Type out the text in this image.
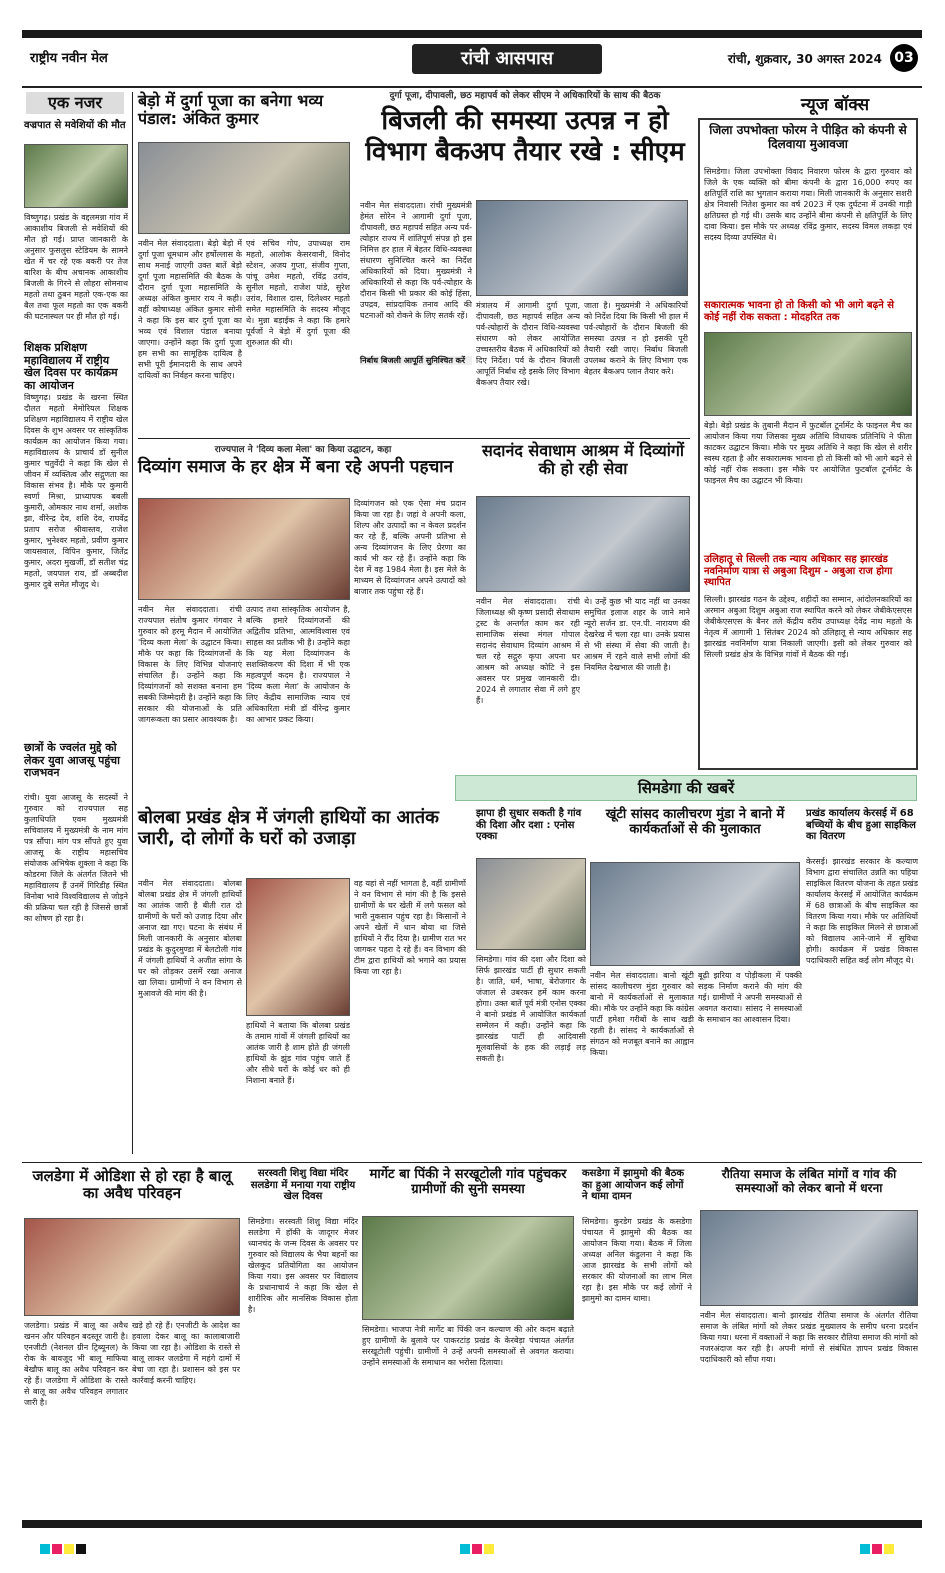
राष्ट्रीय नवीन मेल	रांची आसपास	रांची, शुक्रवार, 30 अगस्त 2024 03
एक नजर
वज्रपात से मवेशियों की मौत
विष्णुगढ़। प्रखंड के वद्दलमन्ना गांव में आकाशीय बिजली से मवेशियों की मौत हो गई। प्राप्त जानकारी के अनुसार फुसलुस स्टेडियम के सामने खेत में चर रहे एक बकरी पर तेज बारिश के बीच अचानक आकाशीय बिजली के गिरने से लोहरा सोमनाथ महतो तथा ठुबन महतो एक-एक का बैल तथा फूल महतो का एक बकरी की घटनास्थल पर ही मौत हो गई।
शिक्षक प्रशिक्षण महाविद्यालय में राष्ट्रीय खेल दिवस पर कार्यक्रम का आयोजन
विष्णुगढ़। प्रखंड के खरना स्थित दौलत महतो मेमोरियल शिक्षक प्रशिक्षण महाविद्यालय में राष्ट्रीय खेल दिवस के शुभ अवसर पर सांस्कृतिक कार्यक्रम का आयोजन किया गया। महाविद्यालय के प्राचार्य डॉ सुनील कुमार चतुर्वेदी ने कहा कि खेल से जीवन में व्यक्तित्व और सद्गुणता का विकास संभव है। मौके पर कुमारी स्वर्णा मिश्रा, प्राध्यापक बबली कुमारी, ओमकार नाथ शर्मा, अशोक झा, वीरेन्द्र देव, शशि देव, राघवेंद्र प्रताप सरोज श्रीवास्तव, राजेश कुमार, भुनेश्वर महतो, प्रवीण कुमार जायसवाल, विपिन कुमार, जितेंद्र कुमार, अदरा मुखर्जी, डॉ सतीश चंद्र महतो, जयपाल राय, डॉ अब्बदीश कुमार दुबे समेत मौजूद थे।
छात्रों के ज्वलंत मुद्दे को लेकर युवा आजसू पहुंचा राजभवन
रांची। युवा आजसू के सदस्यों ने गुरुवार को राज्यपाल सह कुलाधिपति एवम मुख्यमंत्री सचिवालय में मुख्यमंत्री के नाम मांग पत्र सौंपा। मांग पत्र सौंपते हुए युवा आजसू के राष्ट्रीय महासचिव संयोजक अभिषेक शुक्ला ने कहा कि कोडरमा जिले के अंतर्गत जितने भी महाविद्यालय हैं उनमें गिरिडीह स्थित विनोबा भावे विश्वविद्यालय से जोड़ने की प्रक्रिया चल रही है जिससे छात्रों का शोषण हो रहा है।
बेड़ो में दुर्गा पूजा का बनेगा भव्य पंडाल: अंकित कुमार
नवीन मेल संवाददाता। बेड़ो बेड़ो में दुर्गा पूजा धूमधाम और हर्षोल्लास के साथ मनाई जाएगी उक्त बातें बेड़ो दुर्गा पूजा महासमिति की बैठक के दौरान दुर्गा पूजा महासमिति के अध्यक्ष अंकित कुमार राय ने कही। वहीं कोषाध्यक्ष अंकित कुमार सोनी ने कहा कि इस बार दुर्गा पूजा का भव्य एवं विशाल पंडाल बनाया जाएगा। उन्होंने कहा कि दुर्गा पूजा हम सभी का सामूहिक दायित्व है सभी पूरी ईमानदारी के साथ अपने दायित्वों का निर्वहन करना चाहिए।
एवं सचिव गोप, उपाध्यक्ष राम महतो, आलोक केसरवानी, विनोद स्टेशन, अजय गुप्ता, संजीव गुप्ता, पांचू उमेश महतो, रविंद्र उरांव, सुनील महतो, राजेश पांडे, सुरेश उरांव, विशाल दास, दिलेश्वर महतो समेत महासमिति के सदस्य मौजूद थे। मुन्ना बड़ाईक ने कहा कि हमारे पूर्वजों ने बेड़ो में दुर्गा पूजा की शुरुआत की थी।
दुर्गा पूजा, दीपावली, छठ महापर्व को लेकर सीएम ने अधिकारियों के साथ की बैठक
बिजली की समस्या उत्पन्न न हो विभाग बैकअप तैयार रखे : सीएम
नवीन मेल संवाददाता। रांची मुख्यमंत्री हेमंत सोरेन ने आगामी दुर्गा पूजा, दीपावली, छठ महापर्व सहित अन्य पर्व-त्योहार राज्य में शांतिपूर्ण संपन्न हो इस निमित्त हर हाल में बेहतर विधि-व्यवस्था संधारण सुनिश्चित करने का निर्देश अधिकारियों को दिया। मुख्यमंत्री ने अधिकारियों से कहा कि पर्व-त्योहार के दौरान किसी भी प्रकार की कोई हिंसा, उपद्रव, सांप्रदायिक तनाव आदि की घटनाओं को रोकने के लिए सतर्क रहें।
निर्बाध बिजली आपूर्ति सुनिश्चित करें
मंत्रालय में आगामी दुर्गा पूजा, दीपावली, छठ महापर्व सहित अन्य पर्व-त्योहारों के दौरान विधि-व्यवस्था संधारण को लेकर आयोजित उच्चस्तरीय बैठक में अधिकारियों को दिए निर्देश। पर्व के दौरान बिजली आपूर्ति निर्बाध रहे इसके लिए विभाग बैकअप तैयार रखे।
जाता है। मुख्यमंत्री ने अधिकारियों को निर्देश दिया कि किसी भी हाल में पर्व-त्योहारों के दौरान बिजली की समस्या उत्पन्न न हो इसकी पूरी तैयारी रखी जाए। निर्बाध बिजली उपलब्ध कराने के लिए विभाग एक बेहतर बैकअप प्लान तैयार करे।
न्यूज बॉक्स
जिला उपभोक्ता फोरम ने पीड़ित को कंपनी से दिलवाया मुआवजा
सिमडेगा। जिला उपभोक्ता विवाद निवारण फोरम के द्वारा गुरुवार को जिले के एक व्यक्ति को बीमा कंपनी के द्वारा 16,000 रुपए का क्षतिपूर्ति राशि का भुगतान कराया गया। मिली जानकारी के अनुसार सशरी क्षेत्र निवासी नितेश कुमार का वर्ष 2023 में एक दुर्घटना में उनकी गाड़ी क्षतिग्रस्त हो गई थी। उसके बाद उन्होंने बीमा कंपनी से क्षतिपूर्ति के लिए दावा किया। इस मौके पर अध्यक्ष रविंद्र कुमार, सदस्य विमल लकड़ा एवं सदस्य दिव्या उपस्थित थे।
सकारात्मक भावना हो तो किसी को भी आगे बढ़ने से कोई नहीं रोक सकता : मोदहरित तक
बेड़ो। बेड़ो प्रखंड के तुबानी मैदान में फुटबॉल टूर्नामेंट के फाइनल मैच का आयोजन किया गया जिसका मुख्य अतिथि विधायक प्रतिनिधि ने फीता काटकर उद्घाटन किया। मौके पर मुख्य अतिथि ने कहा कि खेल से शरीर स्वस्थ रहता है और सकारात्मक भावना हो तो किसी को भी आगे बढ़ने से कोई नहीं रोक सकता। इस मौके पर आयोजित फुटबॉल टूर्नामेंट के फाइनल मैच का उद्घाटन भी किया।
उलिहातू से सिल्ली तक न्याय अधिकार सह झारखंड नवनिर्माण यात्रा से अबुआ दिशुम - अबुआ राज होगा स्थापित
सिल्ली। झारखंड गठन के उद्देश्य, शहीदों का सम्मान, आंदोलनकारियों का अरमान अबुआ दिशुम अबुआ राज स्थापित करने को लेकर जेबीकेएसएस जेबीकेएसएस के बैनर तले केंद्रीय वरीय उपाध्यक्ष देवेंद्र नाथ महतो के नेतृत्व में आगामी 1 सितंबर 2024 को उलिहातू से न्याय अधिकार सह झारखंड नवनिर्माण यात्रा निकाली जाएगी। इसी को लेकर गुरुवार को सिल्ली प्रखंड क्षेत्र के विभिन्न गांवों में बैठक की गई।
राज्यपाल ने 'दिव्य कला मेला' का किया उद्घाटन, कहा
दिव्यांग समाज के हर क्षेत्र में बना रहे अपनी पहचान
दिव्यांगजन को एक ऐसा मंच प्रदान किया जा रहा है। जहां वे अपनी कला, शिल्प और उत्पादों का न केवल प्रदर्शन कर रहे हैं, बल्कि अपनी प्रतिभा से अन्य दिव्यांगजन के लिए प्रेरणा का कार्य भी कर रहे हैं। उन्होंने कहा कि देश में वह 1984 मेला है। इस मेले के माध्यम से दिव्यांगजन अपने उत्पादों को बाजार तक पहुंचा रहे हैं।
नवीन मेल संवाददाता। रांची राज्यपाल संतोष कुमार गंगवार ने गुरुवार को हरमू मैदान में आयोजित 'दिव्य कला मेला' के उद्घाटन किया। मौके पर कहा कि दिव्यांगजनों के विकास के लिए विभिन्न योजनाएं संचालित हैं। उन्होंने कहा कि दिव्यांगजनों को सशक्त बनाना हम सबकी जिम्मेदारी है। उन्होंने कहा कि सरकार की योजनाओं के प्रति जागरूकता का प्रसार आवश्यक है।
उत्पाद तथा सांस्कृतिक आयोजन है, बल्कि हमारे दिव्यांगजनों की अद्वितीय प्रतिभा, आत्मविश्वास एवं साहस का प्रतीक भी है। उन्होंने कहा कि यह मेला दिव्यांगजन के सशक्तिकरण की दिशा में भी एक महत्वपूर्ण कदम है। राज्यपाल ने 'दिव्य कला मेला' के आयोजन के लिए केंद्रीय सामाजिक न्याय एवं अधिकारिता मंत्री डॉ वीरेन्द्र कुमार का आभार प्रकट किया।
सदानंद सेवाधाम आश्रम में दिव्यांगों की हो रही सेवा
नवीन मेल संवाददाता। रांची जिलाध्यक्ष श्री कृष्ण प्रसादी सेवाधाम ट्रस्ट के अन्तर्गत काम कर रही सामाजिक संस्था मंगल गोपाल सदानंद सेवाधाम दिव्यांग आश्रम में चल रहे सद्गुरु कृपा अपना घर आश्रम को अध्यक्ष कोटि ने इस अवसर पर प्रमुख जानकारी दी। 2024 से लगातार सेवा में लगे हुए हैं।
थे। उन्हें कुछ भी याद नहीं था उनका समुचित इलाज शहर के जाने माने न्यूरो सर्जन डा. एन.पी. नारायण की देखरेख में चला रहा था। उनके प्रयास से भी संस्था में सेवा की जाती है। आश्रम में रहने वाले सभी लोगों की नियमित देखभाल की जाती है।
सिमडेगा की खबरें
बोलबा प्रखंड क्षेत्र में जंगली हाथियों का आतंक जारी, दो लोगों के घरों को उजाड़ा
नवीन मेल संवाददाता। बोलबा बोलबा प्रखंड क्षेत्र में जंगली हाथियों का आतंक जारी है बीती रात दो ग्रामीणों के घरों को उजाड़ दिया और अनाज खा गए। घटना के संबंध में मिली जानकारी के अनुसार बोलबा प्रखंड के कुदुरमुण्डा में बेलटोली गांव में जंगली हाथियों ने अजीत सांगा के घर को तोड़कर उसमें रखा अनाज खा लिया। ग्रामीणों ने वन विभाग से मुआवजे की मांग की है।
हाथियों ने बताया कि बोलबा प्रखंड के तमाम गांवों में जंगली हाथियों का आतंक जारी है शाम होते ही जंगली हाथियों के झुंड गांव पहुंच जाते हैं और सीधे घरों के कोई धर को ही निशाना बनाते हैं।
वह यहां से नहीं भागता है, वहीं ग्रामीणों ने वन विभाग से मांग की है कि इससे ग्रामीणों के घर खेती में लगे फसल को भारी नुकसान पहुंच रहा है। किसानों ने अपने खेतों में धान बोया था जिसे हाथियों ने रौंद दिया है। ग्रामीण रात भर जागकर पहरा दे रहे हैं। वन विभाग की टीम द्वारा हाथियों को भगाने का प्रयास किया जा रहा है।
झापा ही सुधार सकती है गांव की दिशा और दशा : एनोस एक्का
सिमडेगा। गांव की दशा और दिशा को सिर्फ झारखंड पार्टी ही सुधार सकती है। जाति, धर्म, भाषा, बेरोजगार के जंजाल से उबरकर हमें काम करना होगा। उक्त बातें पूर्व मंत्री एनोस एक्का ने बानो प्रखंड में आयोजित कार्यकर्ता सम्मेलन में कही। उन्होंने कहा कि झारखंड पार्टी ही आदिवासी मूलवासियों के हक की लड़ाई लड़ सकती है।
खूंटी सांसद कालीचरण मुंडा ने बानो में कार्यकर्ताओं से की मुलाकात
नवीन मेल संवाददाता। बानो खूंटी सांसद कालीचरण मुंडा गुरुवार को बानो में कार्यकर्ताओं से मुलाकात की। मौके पर उन्होंने कहा कि कांग्रेस पार्टी हमेशा गरीबों के साथ खड़ी रहती है। सांसद ने कार्यकर्ताओं से संगठन को मजबूत बनाने का आह्वान किया।
बूढ़ी झरिया व पोड़ीकला में पक्की सड़क निर्माण कराने की मांग की गई। ग्रामीणों ने अपनी समस्याओं से अवगत कराया। सांसद ने समस्याओं के समाधान का आश्वासन दिया।
प्रखंड कार्यालय केरसई में 68 बच्चियों के बीच हुआ साइकिल का वितरण
केरसई। झारखंड सरकार के कल्याण विभाग द्वारा संचालित उन्नति का पहिया साइकिल वितरण योजना के तहत प्रखंड कार्यालय केरसई में आयोजित कार्यक्रम में 68 छात्राओं के बीच साइकिल का वितरण किया गया। मौके पर अतिथियों ने कहा कि साइकिल मिलने से छात्राओं को विद्यालय आने-जाने में सुविधा होगी। कार्यक्रम में प्रखंड विकास पदाधिकारी सहित कई लोग मौजूद थे।
जलडेगा में ओडिशा से हो रहा है बालू का अवैध परिवहन
जलडेगा। प्रखंड में बालू का अवैध खनन और परिवहन बदस्तूर जारी है। एनजीटी (नेशनल ग्रीन ट्रिब्यूनल) के रोक के बावजूद भी बालू माफिया बेखौफ बालू का अवैध परिवहन कर रहे हैं। जलडेगा में ओडिशा के रास्ते से बालू का अवैध परिवहन लगातार जारी है।
खड़े हो रहे हैं। एनजीटी के आदेश का हवाला देकर बालू का कालाबाजारी किया जा रहा है। ओडिशा के रास्ते से बालू लाकर जलडेगा में महंगे दामों में बेचा जा रहा है। प्रशासन को इस पर कार्रवाई करनी चाहिए।
सरस्वती शिशु विद्या मंदिर सलडेगा में मनाया गया राष्ट्रीय खेल दिवस
सिमडेगा। सरस्वती शिशु विद्या मंदिर सलडेगा में हॉकी के जादूगर मेजर ध्यानचंद के जन्म दिवस के अवसर पर गुरुवार को विद्यालय के भैया बहनों का खेलकूद प्रतियोगिता का आयोजन किया गया। इस अवसर पर विद्यालय के प्रधानाचार्य ने कहा कि खेल से शारीरिक और मानसिक विकास होता है।
मार्गेट बा पिंकी ने सरखूटोली गांव पहुंचकर ग्रामीणों की सुनी समस्या
सिमडेगा। भाजपा नेत्री मार्गेट बा पिंकी जन कल्याण की ओर कदम बढ़ाते हुए ग्रामीणों के बुलावे पर पाकरटांड़ प्रखंड के केरबेड़ा पंचायत अंतर्गत सरखूटोली पहुंची। ग्रामीणों ने उन्हें अपनी समस्याओं से अवगत कराया। उन्होंने समस्याओं के समाधान का भरोसा दिलाया।
कसडेगा में झामुमो की बैठक का हुआ आयोजन कई लोगों ने थामा दामन
सिमडेगा। कुरडेग प्रखंड के कसडेगा पंचायत में झामुमो की बैठक का आयोजन किया गया। बैठक में जिला अध्यक्ष अनिल कंडुलना ने कहा कि आज झारखंड के सभी लोगों को सरकार की योजनाओं का लाभ मिल रहा है। इस मौके पर कई लोगों ने झामुमो का दामन थामा।
रौतिया समाज के लंबित मांगों व गांव की समस्याओं को लेकर बानो में धरना
नवीन मेल संवाददाता। बानो झारखंड रौतिया समाज के अंतर्गत रौतिया समाज के लंबित मांगों को लेकर प्रखंड मुख्यालय के समीप धरना प्रदर्शन किया गया। धरना में वक्ताओं ने कहा कि सरकार रौतिया समाज की मांगों को नजरअंदाज कर रही है। अपनी मांगों से संबंधित ज्ञापन प्रखंड विकास पदाधिकारी को सौंपा गया।
